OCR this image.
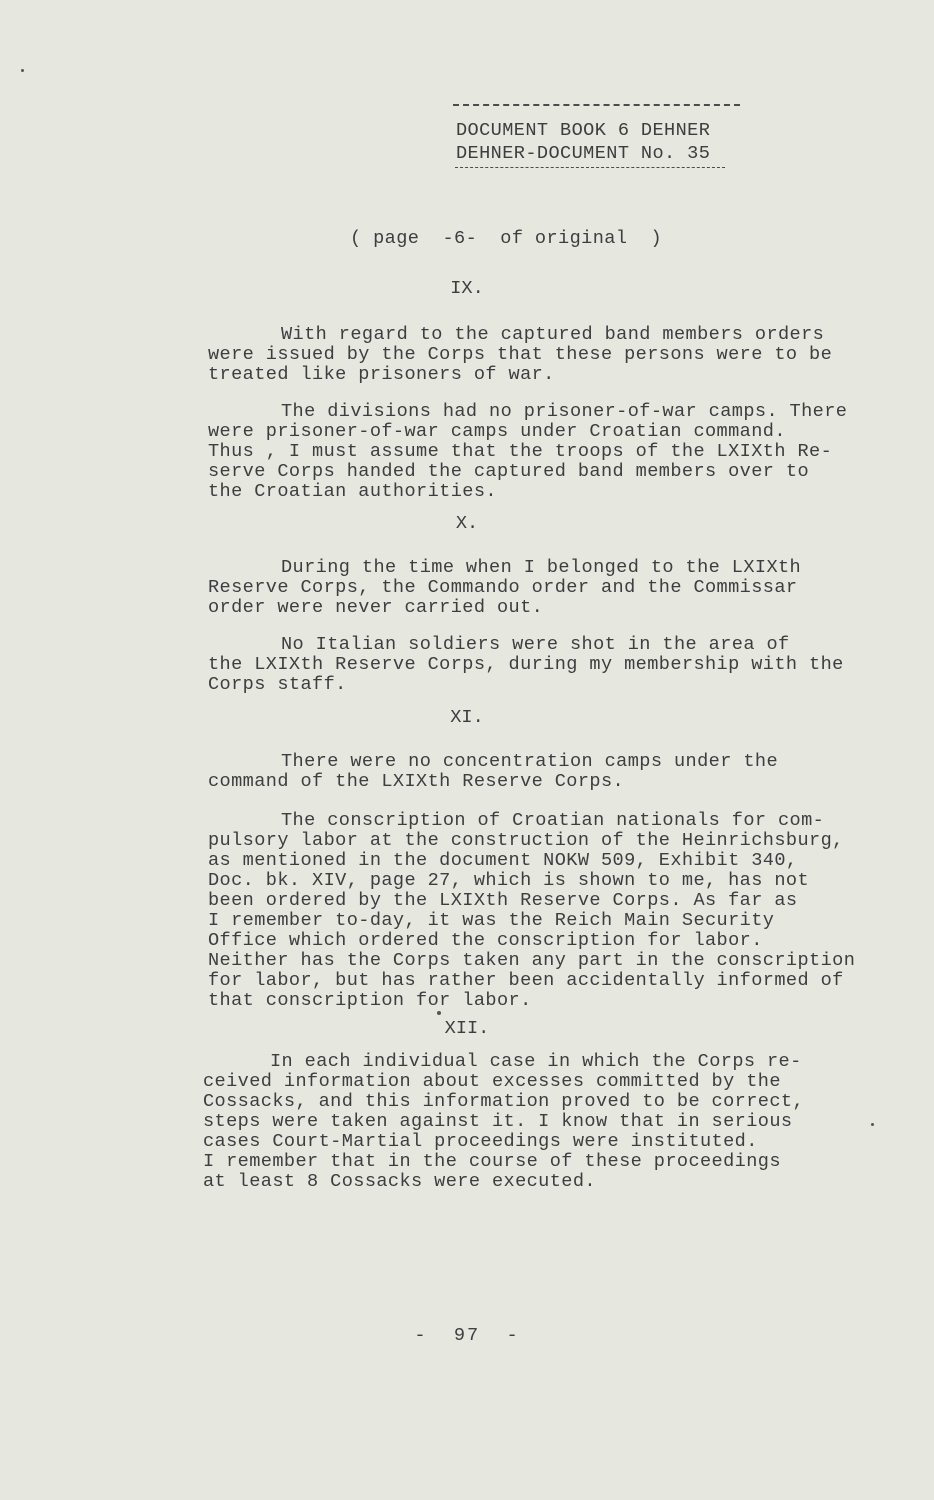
DOCUMENT BOOK 6 DEHNER
DEHNER-DOCUMENT No. 35
( page  -6-  of original  )
IX.
With regard to the captured band members orders
were issued by the Corps that these persons were to be
treated like prisoners of war.
The divisions had no prisoner-of-war camps. There
were prisoner-of-war camps under Croatian command.
Thus , I must assume that the troops of the LXIXth Re-
serve Corps handed the captured band members over to
the Croatian authorities.
X.
During the time when I belonged to the LXIXth
Reserve Corps, the Commando order and the Commissar
order were never carried out.
No Italian soldiers were shot in the area of
the LXIXth Reserve Corps, during my membership with the
Corps staff.
XI.
There were no concentration camps under the
command of the LXIXth Reserve Corps.
The conscription of Croatian nationals for com-
pulsory labor at the construction of the Heinrichsburg,
as mentioned in the document NOKW 509, Exhibit 340,
Doc. bk. XIV, page 27, which is shown to me, has not
been ordered by the LXIXth Reserve Corps. As far as
I remember to-day, it was the Reich Main Security
Office which ordered the conscription for labor.
Neither has the Corps taken any part in the conscription
for labor, but has rather been accidentally informed of
that conscription for labor.
XII.
In each individual case in which the Corps re-
ceived information about excesses committed by the
Cossacks, and this information proved to be correct,
steps were taken against it. I know that in serious
cases Court-Martial proceedings were instituted.
I remember that in the course of these proceedings
at least 8 Cossacks were executed.
-  97  -
